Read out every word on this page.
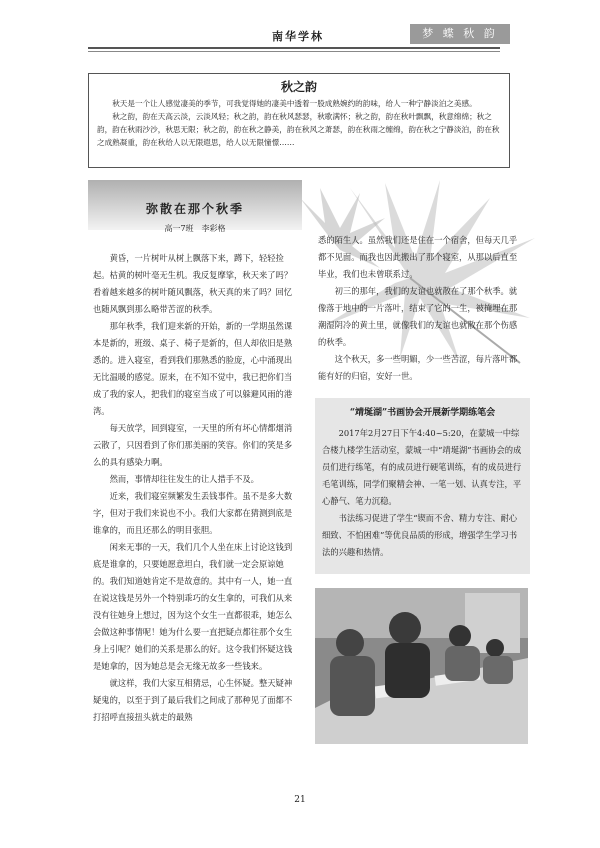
南华学林	梦 蝶 秋 韵
秋之韵

秋天是一个让人感觉凄美的季节，可我觉得她的凄美中透着一股成熟婉约的韵味，给人一种宁静淡泊之美感。

秋之韵，韵在天高云淡，云淡风轻；秋之韵，韵在秋风瑟瑟，秋歌满怀；秋之韵，韵在秋叶飘飘，秋意绵绵；秋之韵，韵在秋雨沙沙，秋思无限；秋之韵，韵在秋之静美，韵在秋风之萧瑟，韵在秋雨之缠绵，韵在秋之宁静淡泊，韵在秋之成熟凝重，韵在秋给人以无限遐思，给人以无限憧憬……

弥散在那个秋季
高一7班　李彩格

黄昏，一片树叶从树上飘落下来，蹲下，轻轻捡起。枯黄的树叶毫无生机。我反复摩挲，秋天来了吗？看着越来越多的树叶随风飘落，秋天真的来了吗？回忆也随风飘到那么略带苦涩的秋季。

那年秋季，我们迎来新的开始，新的一学期虽然课本是新的，班级、桌子、椅子是新的，但人却依旧是熟悉的。进入寝室，看到我们那熟悉的脸庞，心中涌现出无比温暖的感觉。原来，在不知不觉中，我已把你们当成了我的家人，把我们的寝室当成了可以躲避风雨的港湾。

每天放学，回到寝室，一天里的所有坏心情都烟消云散了，只因看到了你们那美丽的笑容。你们的笑是多么的具有感染力啊。

然而，事情却往往发生的让人措手不及。

近来，我们寝室频繁发生丢钱事件。虽不是多大数字，但对于我们来说也不小。我们大家都在猜测到底是谁拿的，而且还那么的明目张胆。

闲来无事的一天，我们几个人坐在床上讨论这钱到底是谁拿的，只要她愿意坦白，我们就一定会原谅她的。我们知道她肯定不是故意的。其中有一人，她一直在说这钱是另外一个特别乖巧的女生拿的，可我们从来没有往她身上想过，因为这个女生一直都很乖，她怎么会做这种事情呢！她为什么要一直把疑点都往那个女生身上引呢？她们的关系是那么的好。这令我们怀疑这钱是她拿的，因为她总是会无缘无故多一些钱来。

就这样，我们大家互相猜忌，心生怀疑。整天疑神疑鬼的，以至于到了最后我们之间成了那种见了面都不打招呼直接扭头就走的最熟

悉的陌生人。虽然我们还是住在一个宿舍，但每天几乎都不见面。而我也因此搬出了那个寝室，从那以后直至毕业，我们也未曾联系过。

初三的那年，我们的友谊也就散在了那个秋季。就像落于地中的一片落叶，结束了它的一生，被掩埋在那潮湿阴冷的黄土里，就像我们的友谊也就散在那个伤感的秋季。

这个秋天，多一些明媚，少一些苦涩，每片落叶都能有好的归宿，安好一世。

“靖埏湖”书画协会开展新学期练笔会

2017年2月27日下午4:40~5:20，在蒙城一中综合楼九楼学生活动室，蒙城一中“靖埏湖”书画协会的成员们进行练笔，有的成员进行硬笔训练，有的成员进行毛笔训练，同学们聚精会神、一笔一划、认真专注，平心静气、笔力沉稳。

书法练习促进了学生“锲而不舍、精力专注、耐心细致、不怕困难”等优良品质的形成，增强学生学习书法的兴趣和热情。

21
